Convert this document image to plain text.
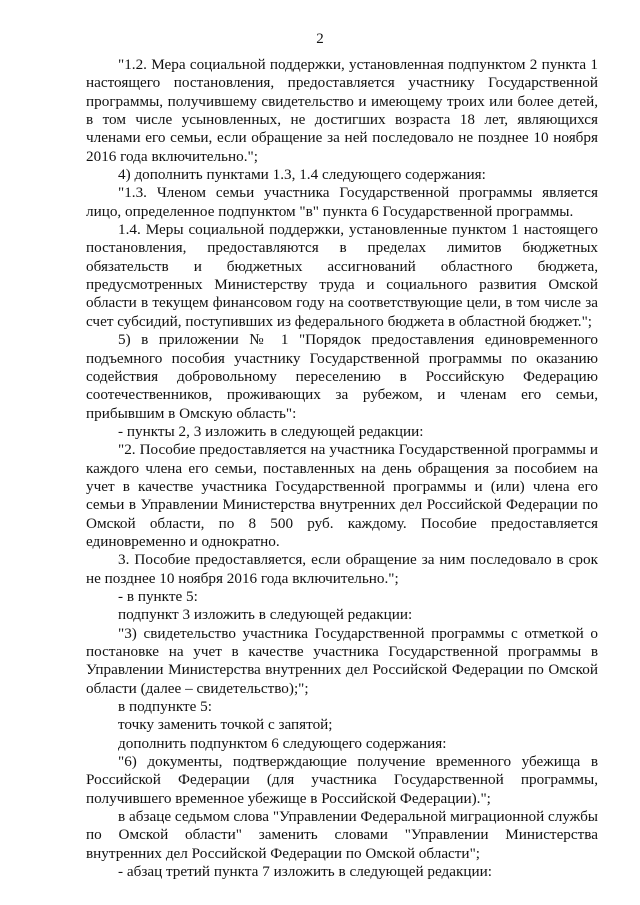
2

"1.2. Мера социальной поддержки, установленная подпунктом 2 пункта 1 настоящего постановления, предоставляется участнику Государственной программы, получившему свидетельство и имеющему троих или более детей, в том числе усыновленных, не достигших возраста 18 лет, являющихся членами его семьи, если обращение за ней последовало не позднее 10 ноября 2016 года включительно.";

4) дополнить пунктами 1.3, 1.4 следующего содержания:

"1.3. Членом семьи участника Государственной программы является лицо, определенное подпунктом "в" пункта 6 Государственной программы.

1.4. Меры социальной поддержки, установленные пунктом 1 настоящего постановления, предоставляются в пределах лимитов бюджетных обязательств и бюджетных ассигнований областного бюджета, предусмотренных Министерству труда и социального развития Омской области в текущем финансовом году на соответствующие цели, в том числе за счет субсидий, поступивших из федерального бюджета в областной бюджет.";

5) в приложении № 1 "Порядок предоставления единовременного подъемного пособия участнику Государственной программы по оказанию содействия добровольному переселению в Российскую Федерацию соотечественников, проживающих за рубежом, и членам его семьи, прибывшим в Омскую область":

- пункты 2, 3 изложить в следующей редакции:

"2. Пособие предоставляется на участника Государственной программы и каждого члена его семьи, поставленных на день обращения за пособием на учет в качестве участника Государственной программы и (или) члена его семьи в Управлении Министерства внутренних дел Российской Федерации по Омской области, по 8 500 руб. каждому. Пособие предоставляется единовременно и однократно.

3. Пособие предоставляется, если обращение за ним последовало в срок не позднее 10 ноября 2016 года включительно.";

- в пункте 5:

подпункт 3 изложить в следующей редакции:

"3) свидетельство участника Государственной программы с отметкой о постановке на учет в качестве участника Государственной программы в Управлении Министерства внутренних дел Российской Федерации по Омской области (далее – свидетельство);";

в подпункте 5:

точку заменить точкой с запятой;

дополнить подпунктом 6 следующего содержания:

"6) документы, подтверждающие получение временного убежища в Российской Федерации (для участника Государственной программы, получившего временное убежище в Российской Федерации).";

в абзаце седьмом слова "Управлении Федеральной миграционной службы по Омской области" заменить словами "Управлении Министерства внутренних дел Российской Федерации по Омской области";

- абзац третий пункта 7 изложить в следующей редакции:
